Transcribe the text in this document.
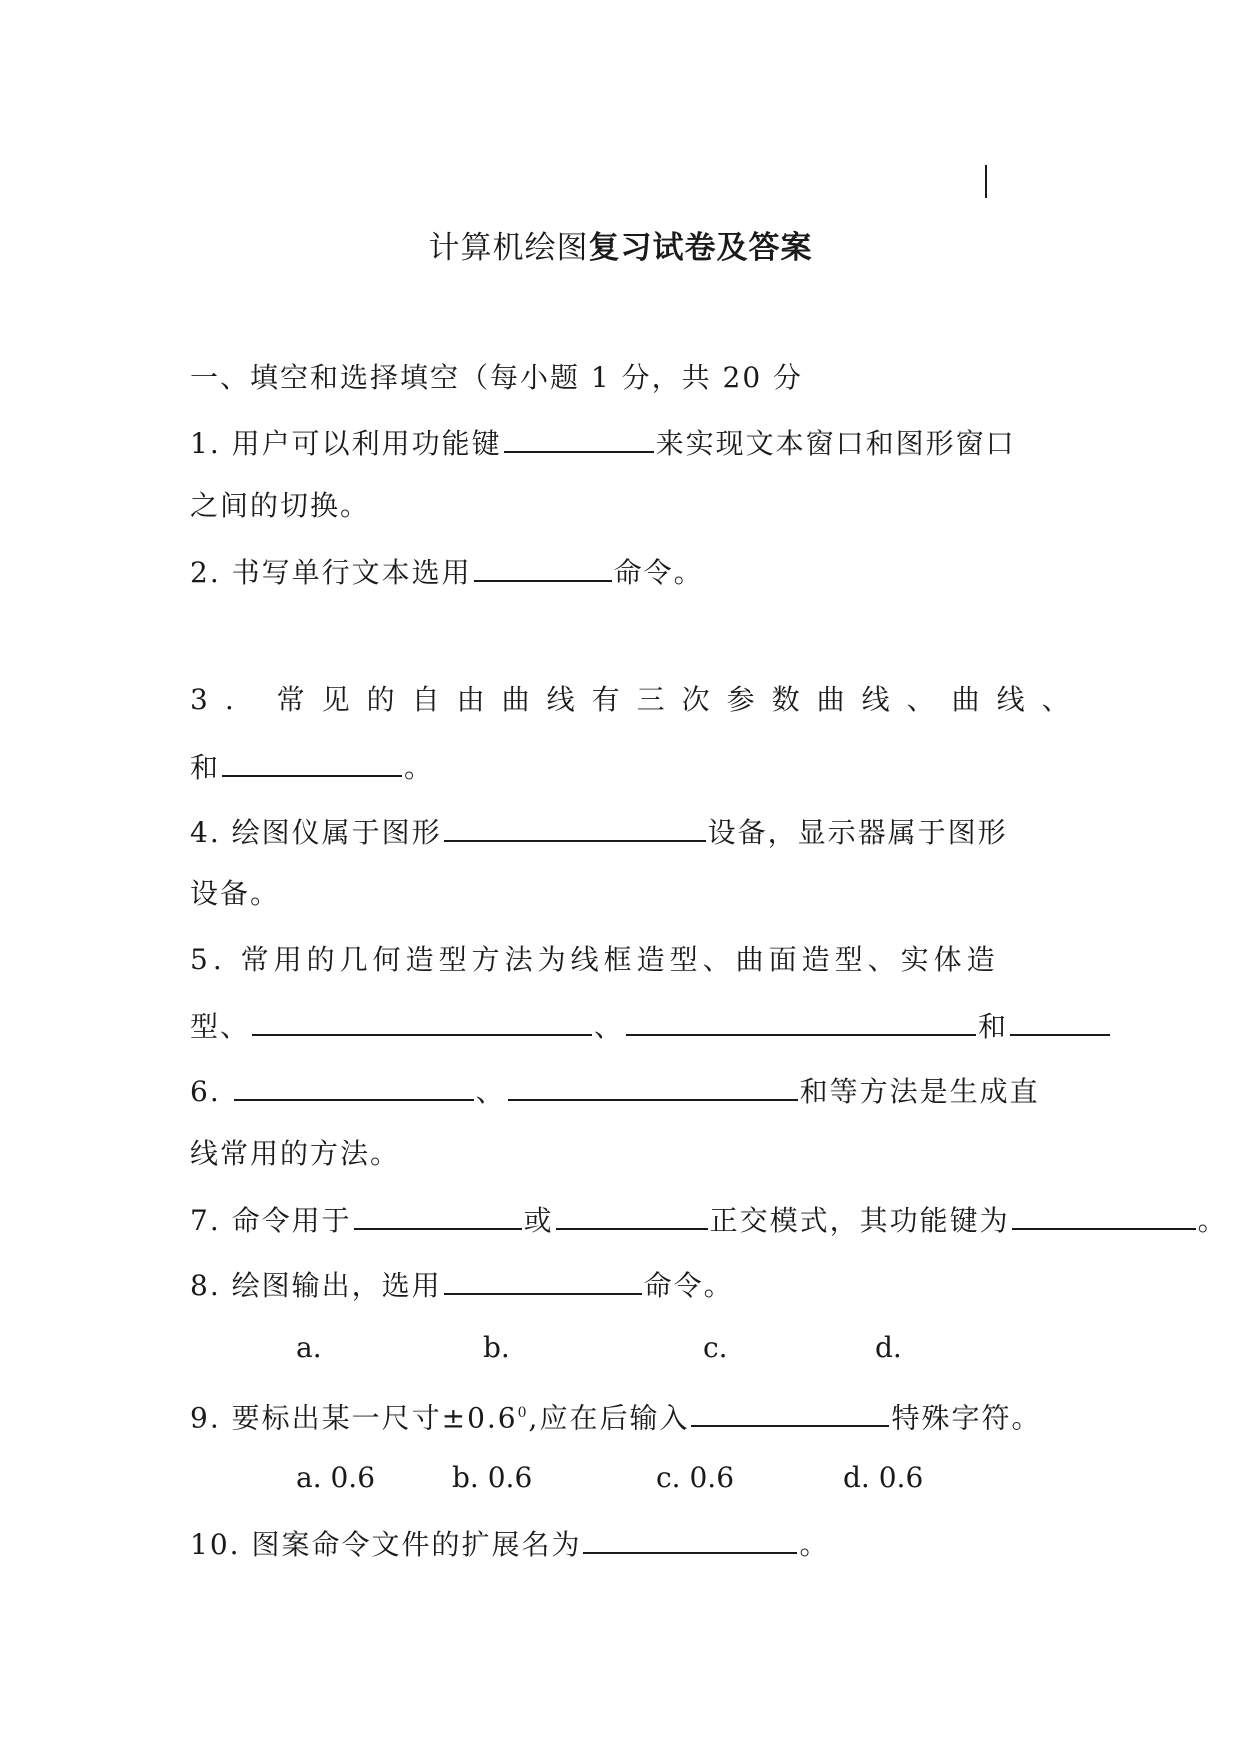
计算机绘图复习试卷及答案
一、填空和选择填空（每小题 1 分，共 20 分
1. 用户可以利用功能键	来实现文本窗口和图形窗口
之间的切换。
2. 书写单行文本选用	命令。
3. 常见的自由曲线有三次参数曲线、曲线、
和	。
4. 绘图仪属于图形	设备，显示器属于图形
设备。
5. 常用的几何造型方法为线框造型、曲面造型、实体造
型、	、	和
6.	、	和等方法是生成直
线常用的方法。
7. 命令用于	或	正交模式，其功能键为	。
8. 绘图输出，选用	命令。
a.	b.	c.	d.
9. 要标出某一尺寸$\pm 0.6^0$,应在后输入	特殊字符。
a. 0.6	b. 0.6	c. 0.6	d. 0.6
10. 图案命令文件的扩展名为	。
